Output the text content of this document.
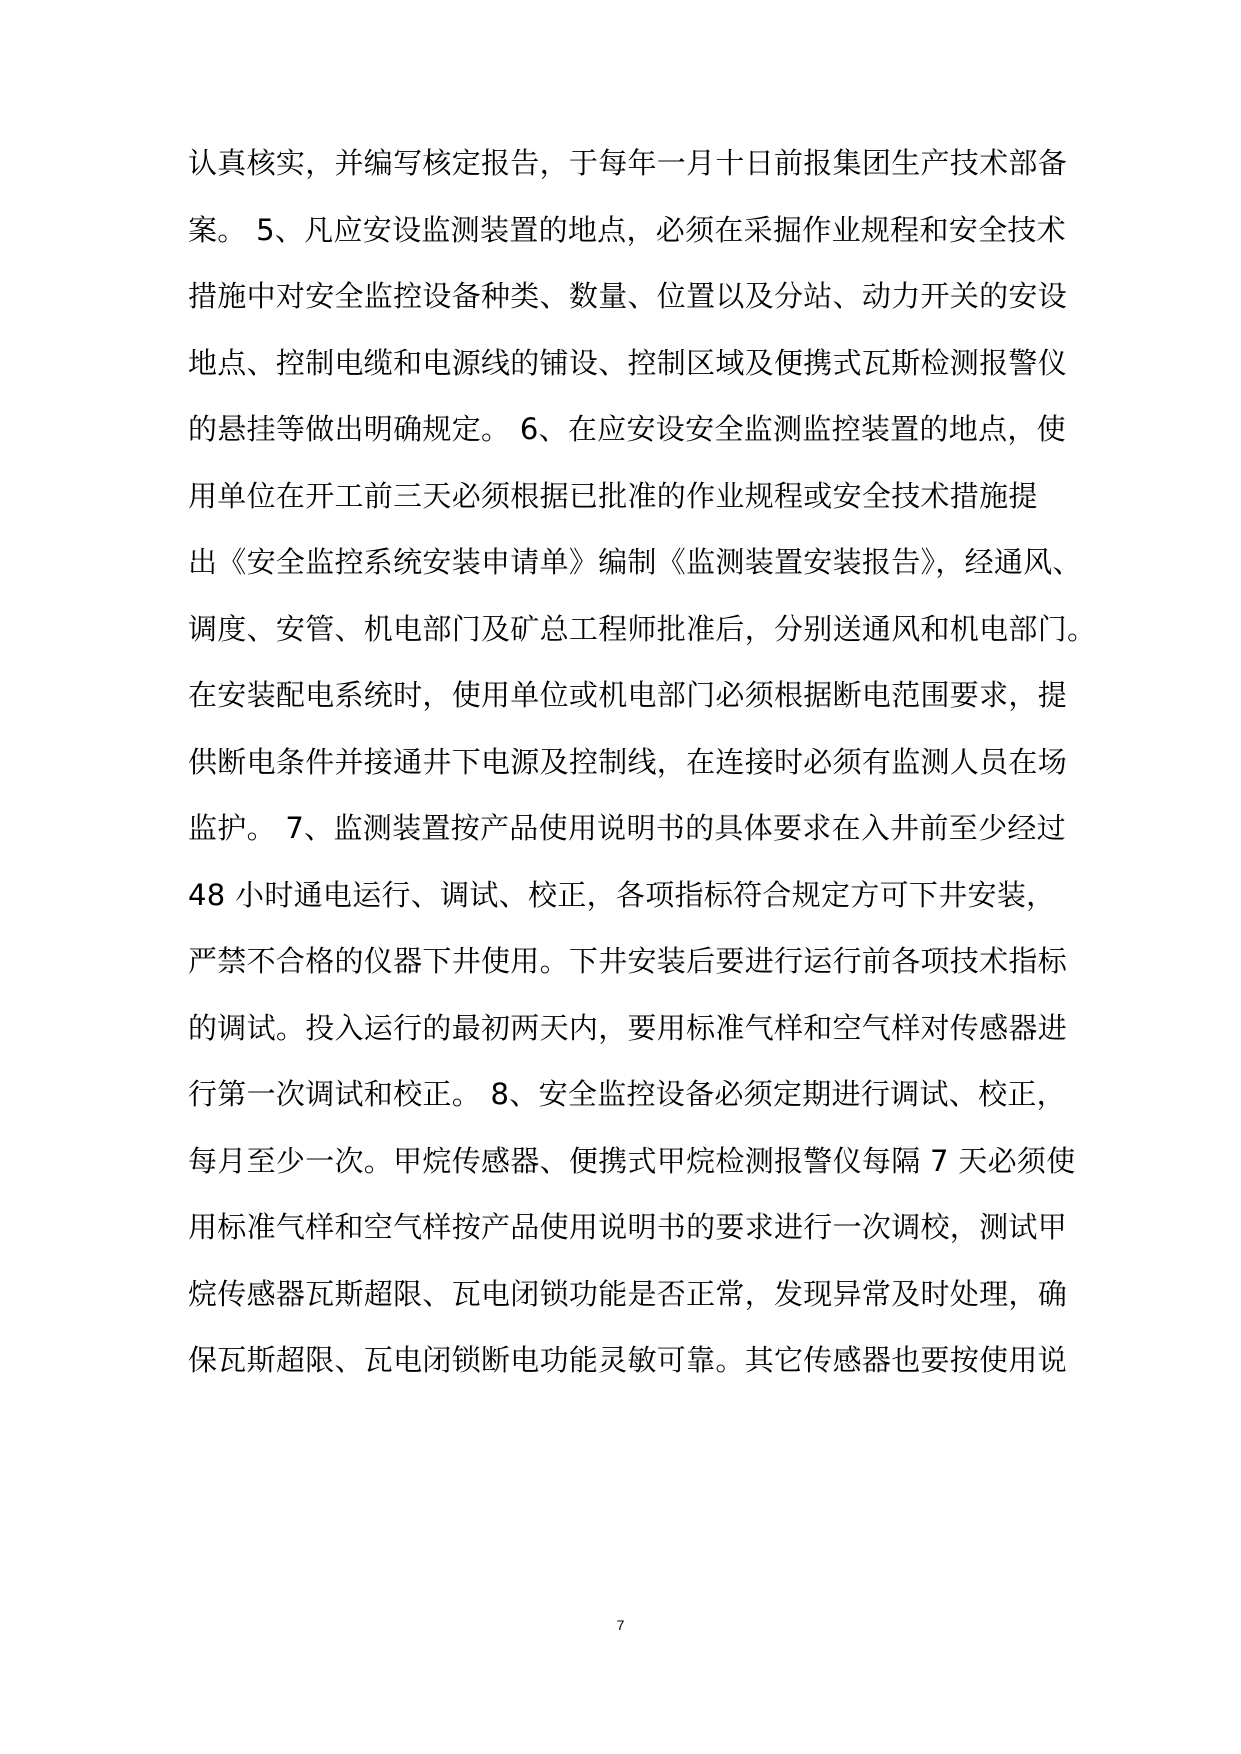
认真核实，并编写核定报告，于每年一月十日前报集团生产技术部备
案。 5、凡应安设监测装置的地点，必须在采掘作业规程和安全技术
措施中对安全监控设备种类、数量、位置以及分站、动力开关的安设
地点、控制电缆和电源线的铺设、控制区域及便携式瓦斯检测报警仪
的悬挂等做出明确规定。 6、在应安设安全监测监控装置的地点，使
用单位在开工前三天必须根据已批准的作业规程或安全技术措施提
出《安全监控系统安装申请单》编制《监测装置安装报告》，经通风、
调度、安管、机电部门及矿总工程师批准后，分别送通风和机电部门。
在安装配电系统时，使用单位或机电部门必须根据断电范围要求，提
供断电条件并接通井下电源及控制线，在连接时必须有监测人员在场
监护。 7、监测装置按产品使用说明书的具体要求在入井前至少经过
48 小时通电运行、调试、校正，各项指标符合规定方可下井安装，
严禁不合格的仪器下井使用。下井安装后要进行运行前各项技术指标
的调试。投入运行的最初两天内，要用标准气样和空气样对传感器进
行第一次调试和校正。 8、安全监控设备必须定期进行调试、校正，
每月至少一次。甲烷传感器、便携式甲烷检测报警仪每隔 7 天必须使
用标准气样和空气样按产品使用说明书的要求进行一次调校，测试甲
烷传感器瓦斯超限、瓦电闭锁功能是否正常，发现异常及时处理，确
保瓦斯超限、瓦电闭锁断电功能灵敏可靠。其它传感器也要按使用说
7
